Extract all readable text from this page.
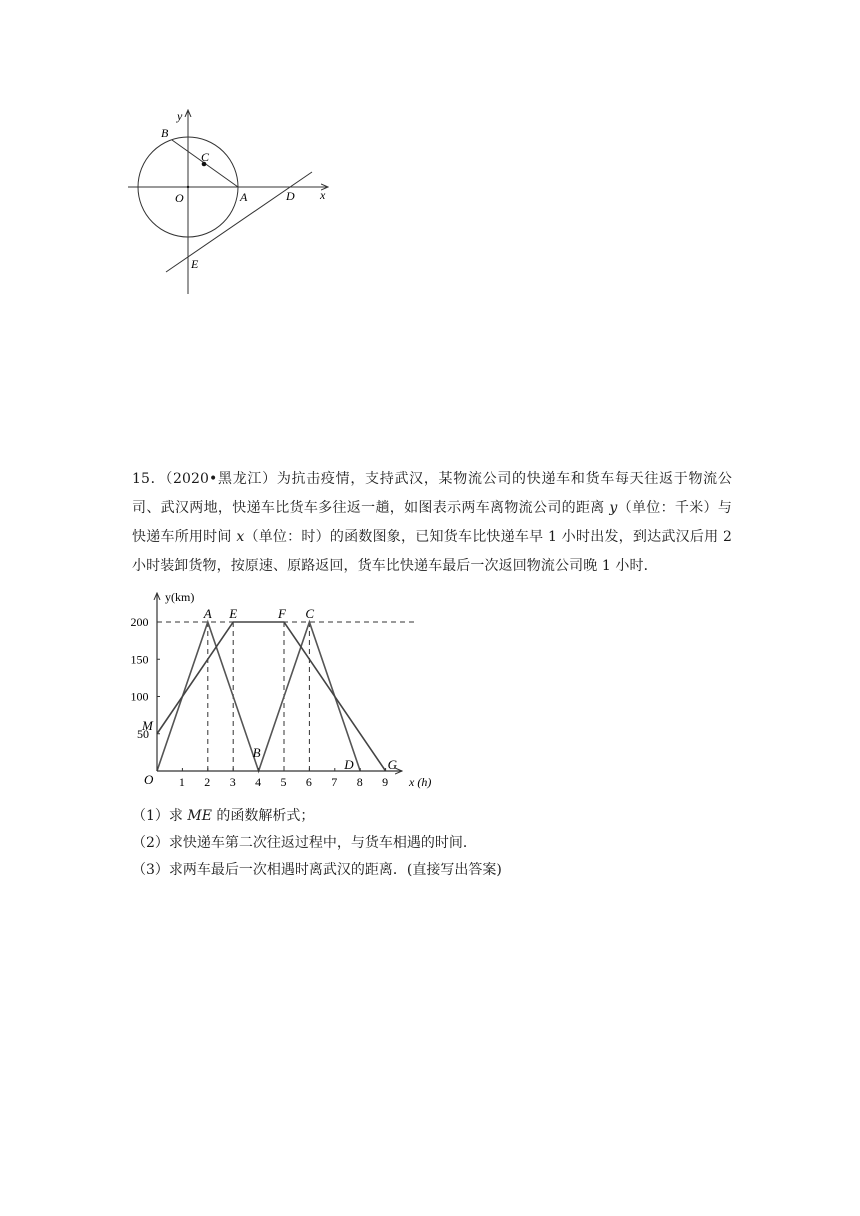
y
x
B
C
O	A	D
E
15．（2020•黑龙江）为抗击疫情，支持武汉，某物流公司的快递车和货车每天往返于物流公司、武汉两地，快递车比货车多往返一趟，如图表示两车离物流公司的距离 y（单位：千米）与快递车所用时间 x（单位：时）的函数图象，已知货车比快递车早 1 小时出发，到达武汉后用 2 小时装卸货物，按原速、原路返回，货车比快递车最后一次返回物流公司晚 1 小时．
1 2 3 4 5 6 7 8 9
50
100
150
200
A E	F C
B
D	G
M
y(km)
x (h)
O
（1）求 ME 的函数解析式；
（2）求快递车第二次往返过程中，与货车相遇的时间．
（3）求两车最后一次相遇时离武汉的距离．(直接写出答案)
